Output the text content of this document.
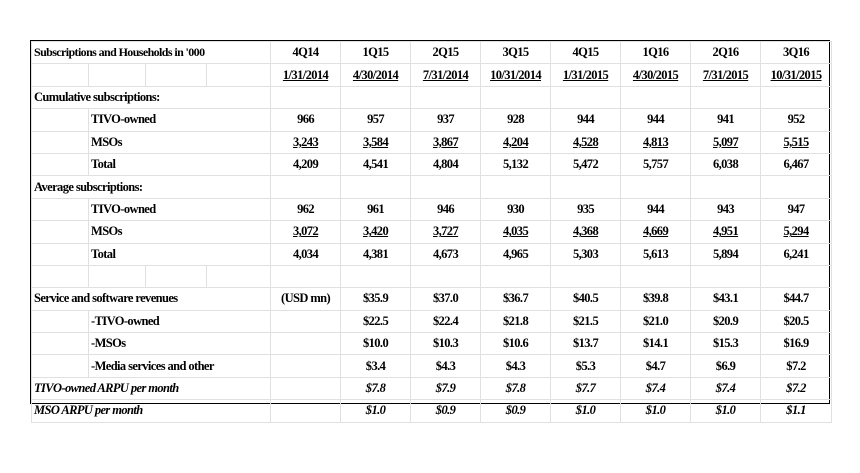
Subscriptions and Households in '000				4Q14	1Q15	2Q15	3Q15	4Q15	1Q16	2Q16	3Q16
				1/31/2014	4/30/2014	7/31/2014	10/31/2014	1/31/2015	4/30/2015	7/31/2015	10/31/2015
Cumulative subscriptions:											
	TIVO-owned			966	957	937	928	944	944	941	952
	MSOs			3,243	3,584	3,867	4,204	4,528	4,813	5,097	5,515
	Total			4,209	4,541	4,804	5,132	5,472	5,757	6,038	6,467
Average subscriptions:											
	TIVO-owned			962	961	946	930	935	944	943	947
	MSOs			3,072	3,420	3,727	4,035	4,368	4,669	4,951	5,294
	Total			4,034	4,381	4,673	4,965	5,303	5,613	5,894	6,241

Service and software revenues				(USD mn)	$35.9	$37.0	$36.7	$40.5	$39.8	$43.1	$44.7
	-TIVO-owned				$22.5	$22.4	$21.8	$21.5	$21.0	$20.9	$20.5
	-MSOs				$10.0	$10.3	$10.6	$13.7	$14.1	$15.3	$16.9
	-Media services and other				$3.4	$4.3	$4.3	$5.3	$4.7	$6.9	$7.2
TIVO-owned ARPU per month					$7.8	$7.9	$7.8	$7.7	$7.4	$7.4	$7.2
MSO ARPU per month					$1.0	$0.9	$0.9	$1.0	$1.0	$1.0	$1.1
